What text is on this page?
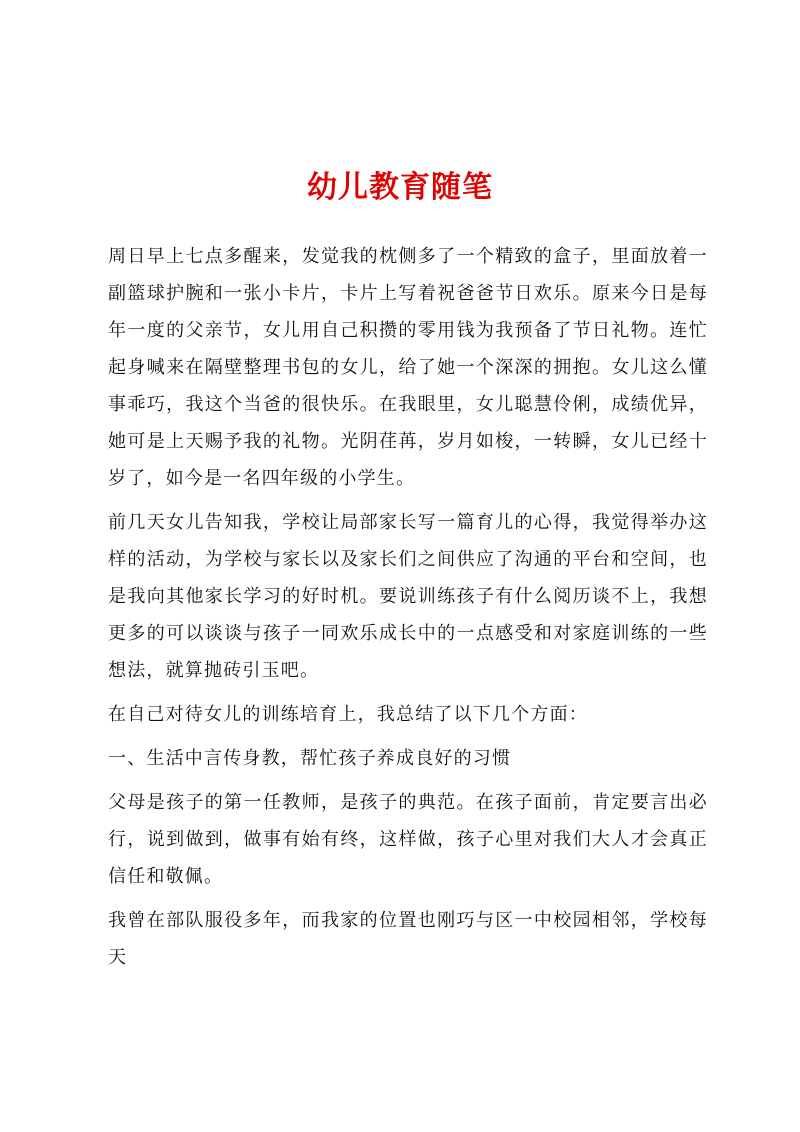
幼儿教育随笔

周日早上七点多醒来，发觉我的枕侧多了一个精致的盒子，里面放着一副篮球护腕和一张小卡片，卡片上写着祝爸爸节日欢乐。原来今日是每年一度的父亲节，女儿用自己积攒的零用钱为我预备了节日礼物。连忙起身喊来在隔壁整理书包的女儿，给了她一个深深的拥抱。女儿这么懂事乖巧，我这个当爸的很快乐。在我眼里，女儿聪慧伶俐，成绩优异，她可是上天赐予我的礼物。光阴荏苒，岁月如梭，一转瞬，女儿已经十岁了，如今是一名四年级的小学生。

前几天女儿告知我，学校让局部家长写一篇育儿的心得，我觉得举办这样的活动，为学校与家长以及家长们之间供应了沟通的平台和空间，也是我向其他家长学习的好时机。要说训练孩子有什么阅历谈不上，我想更多的可以谈谈与孩子一同欢乐成长中的一点感受和对家庭训练的一些想法，就算抛砖引玉吧。

在自己对待女儿的训练培育上，我总结了以下几个方面：

一、生活中言传身教，帮忙孩子养成良好的习惯

父母是孩子的第一任教师，是孩子的典范。在孩子面前，肯定要言出必行，说到做到，做事有始有终，这样做，孩子心里对我们大人才会真正信任和敬佩。

我曾在部队服役多年，而我家的位置也刚巧与区一中校园相邻，学校每天
